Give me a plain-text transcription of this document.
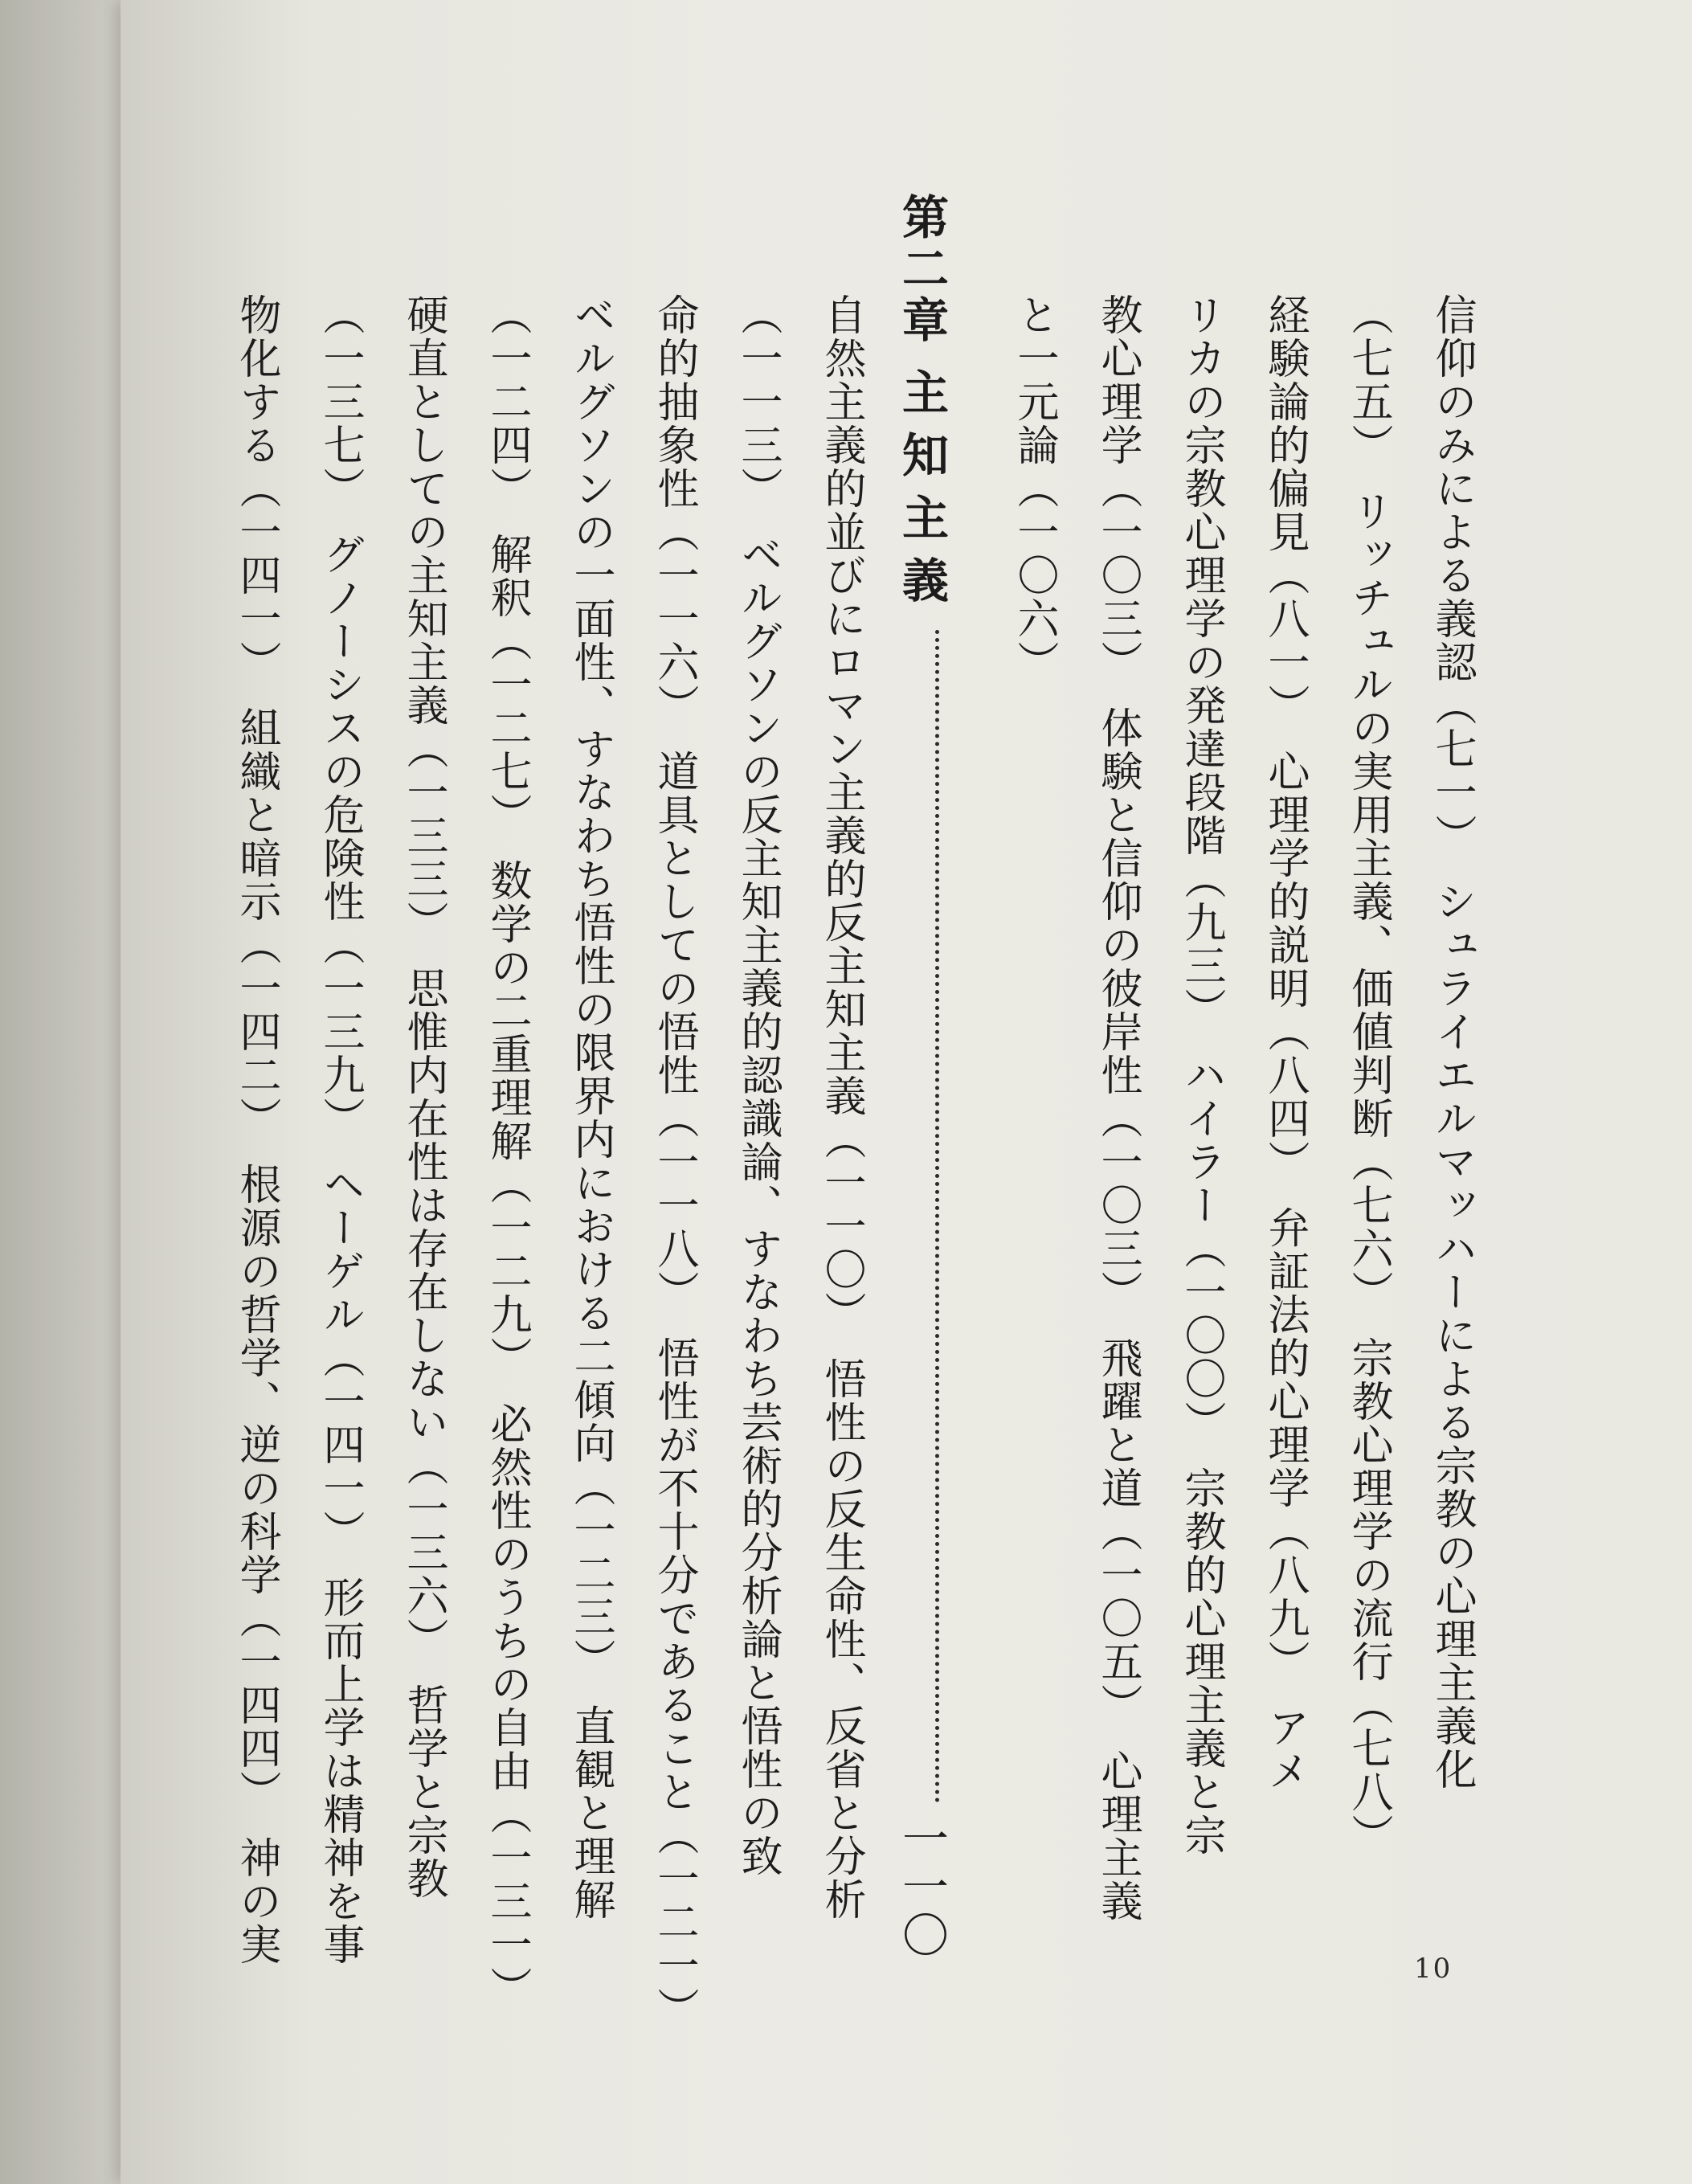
信仰のみによる義認（七一）　シュライエルマッハーによる宗教の心理主義化
（七五）　リッチュルの実用主義、価値判断（七六）　宗教心理学の流行（七八）
経験論的偏見（八一）　心理学的説明（八四）　弁証法的心理学（八九）　アメ
リカの宗教心理学の発達段階（九三）　ハイラー（一〇〇）　宗教的心理主義と宗
教心理学（一〇三）　体験と信仰の彼岸性（一〇三）　飛躍と道（一〇五）　心理主義
と一元論（一〇六）
第二章主知主義一一〇
自然主義的並びにロマン主義的反主知主義（一一〇）　悟性の反生命性、反省と分析
（一一三）　ベルグソンの反主知主義的認識論、すなわち芸術的分析論と悟性の致
命的抽象性（一一六）　道具としての悟性（一一八）　悟性が不十分であること（一二一）
ベルグソンの一面性、すなわち悟性の限界内における二傾向（一二三）　直観と理解
（一二四）　解釈（一二七）　数学の二重理解（一二九）　必然性のうちの自由（一三一）
硬直としての主知主義（一三三）　思惟内在性は存在しない（一三六）　哲学と宗教
（一三七）　グノーシスの危険性（一三九）　ヘーゲル（一四一）　形而上学は精神を事
物化する（一四一）　組織と暗示（一四二）　根源の哲学、逆の科学（一四四）　神の実
10
